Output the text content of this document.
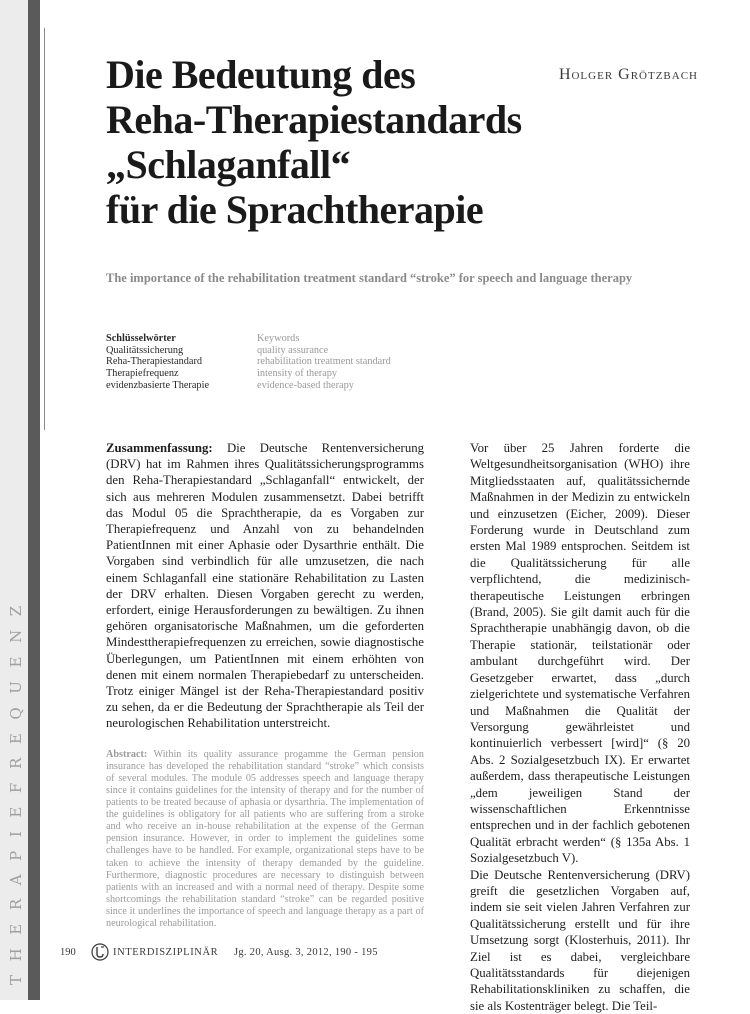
THERAPIEFREQUENZ
Holger Grötzbach
Die Bedeutung des
Reha-Therapiestandards
„Schlaganfall“
für die Sprachtherapie
The importance of the rehabilitation treatment standard “stroke” for speech and language therapy
Schlüsselwörter
Qualitätssicherung
Reha-Therapiestandard
Therapiefrequenz
evidenzbasierte Therapie
Keywords
quality assurance
rehabilitation treatment standard
intensity of therapy
evidence-based therapy

Zusammenfassung: Die Deutsche Rentenversicherung (DRV) hat im Rahmen ihres Qualitätssicherungsprogramms den Reha-Therapiestandard „Schlaganfall“ entwickelt, der sich aus mehreren Modulen zusammensetzt. Dabei betrifft das Modul 05 die Sprachtherapie, da es Vorgaben zur Therapiefrequenz und Anzahl von zu behandelnden PatientInnen mit einer Aphasie oder Dysarthrie enthält. Die Vorgaben sind verbindlich für alle umzusetzen, die nach einem Schlaganfall eine stationäre Rehabilitation zu Lasten der DRV erhalten. Diesen Vorgaben gerecht zu werden, erfordert, einige Herausforderungen zu bewältigen. Zu ihnen gehören organisatorische Maßnahmen, um die geforderten Mindesttherapiefrequenzen zu erreichen, sowie diagnostische Überlegungen, um PatientInnen mit einem erhöhten von denen mit einem normalen Therapiebedarf zu unterscheiden. Trotz einiger Mängel ist der Reha-Therapiestandard positiv zu sehen, da er die Bedeutung der Sprachtherapie als Teil der neurologischen Rehabilitation unterstreicht.

Abstract: Within its quality assurance progamme the German pension insurance has developed the rehabilitation standard “stroke” which consists of several modules. The module 05 addresses speech and language therapy since it contains guidelines for the intensity of therapy and for the number of patients to be treated because of aphasia or dysarthria. The implementation of the guidelines is obligatory for all patients who are suffering from a stroke and who receive an in-house rehabilitation at the expense of the German pension insurance. However, in order to implement the guidelines some challenges have to be handled. For example, organizational steps have to be taken to achieve the intensity of therapy demanded by the guideline. Furthermore, diagnostic procedures are necessary to distinguish between patients with an increased and with a normal need of therapy. Despite some shortcomings the rehabilitation standard “stroke” can be regarded positive since it underlines the importance of speech and language therapy as a part of neurological rehabilitation.

Vor über 25 Jahren forderte die Weltgesundheitsorganisation (WHO) ihre Mitgliedsstaaten auf, qualitätssichernde Maßnahmen in der Medizin zu entwickeln und einzusetzen (Eicher, 2009). Dieser Forderung wurde in Deutschland zum ersten Mal 1989 entsprochen. Seitdem ist die Qualitätssicherung für alle verpflichtend, die medizinisch-therapeutische Leistungen erbringen (Brand, 2005). Sie gilt damit auch für die Sprachtherapie unabhängig davon, ob die Therapie stationär, teilstationär oder ambulant durchgeführt wird. Der Gesetzgeber erwartet, dass „durch zielgerichtete und systematische Verfahren und Maßnahmen die Qualität der Versorgung gewährleistet und kontinuierlich verbessert [wird]“ (§ 20 Abs. 2 Sozialgesetzbuch IX). Er erwartet außerdem, dass therapeutische Leistungen „dem jeweiligen Stand der wissenschaftlichen Erkenntnisse entsprechen und in der fachlich gebotenen Qualität erbracht werden“ (§ 135a Abs. 1 Sozialgesetzbuch V).

Die Deutsche Rentenversicherung (DRV) greift die gesetzlichen Vorgaben auf, indem sie seit vielen Jahren Verfahren zur Qualitätssicherung erstellt und für ihre Umsetzung sorgt (Klosterhuis, 2011). Ihr Ziel ist es dabei, vergleichbare Qualitätsstandards für diejenigen Rehabilitationskliniken zu schaffen, die sie als Kostenträger belegt. Die Teil-

190	INTERDISZIPLINÄR Jg. 20, Ausg. 3, 2012, 190 - 195
